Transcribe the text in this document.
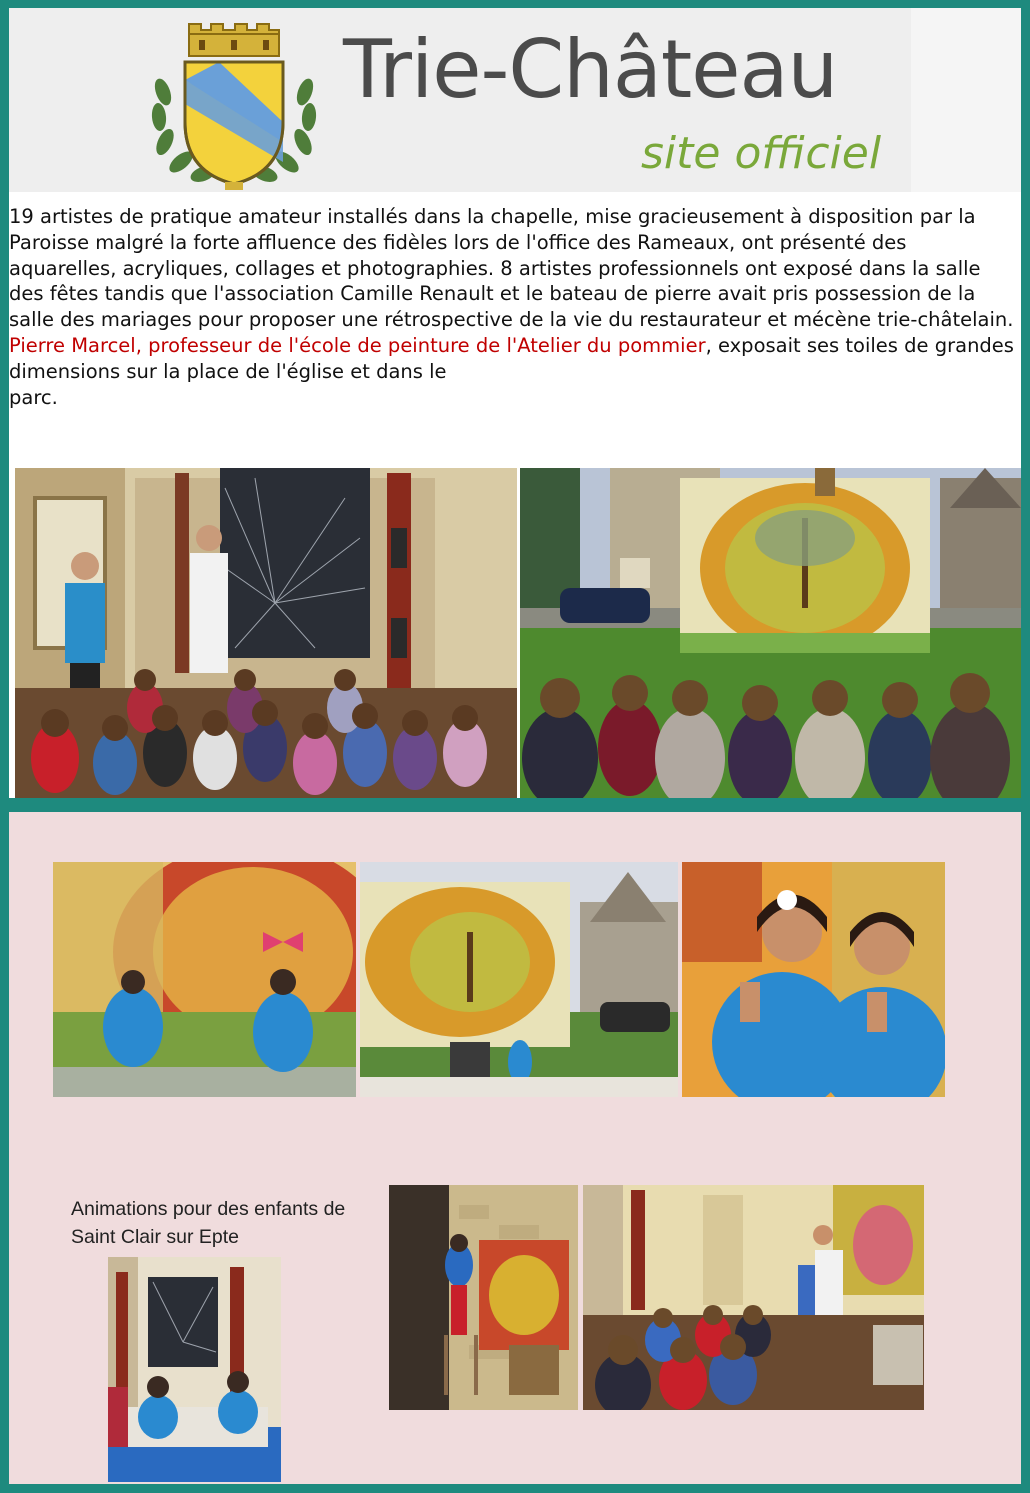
Trie-Château
site officiel
19 artistes de pratique amateur installés dans la chapelle, mise gracieusement à disposition par la Paroisse malgré la forte affluence des fidèles lors de l'office des Rameaux, ont présenté des aquarelles, acryliques, collages et photographies. 8 artistes professionnels ont exposé dans la salle des fêtes tandis que l'association Camille Renault et le bateau de pierre avait pris possession de la salle des mariages pour proposer une rétrospective de la vie du restaurateur et mécène trie-châtelain.
Pierre Marcel, professeur de l'école de peinture de l'Atelier du pommier, exposait ses toiles de grandes dimensions sur la place de l'église et dans le
parc.
Animations pour des enfants de
Saint Clair sur Epte
